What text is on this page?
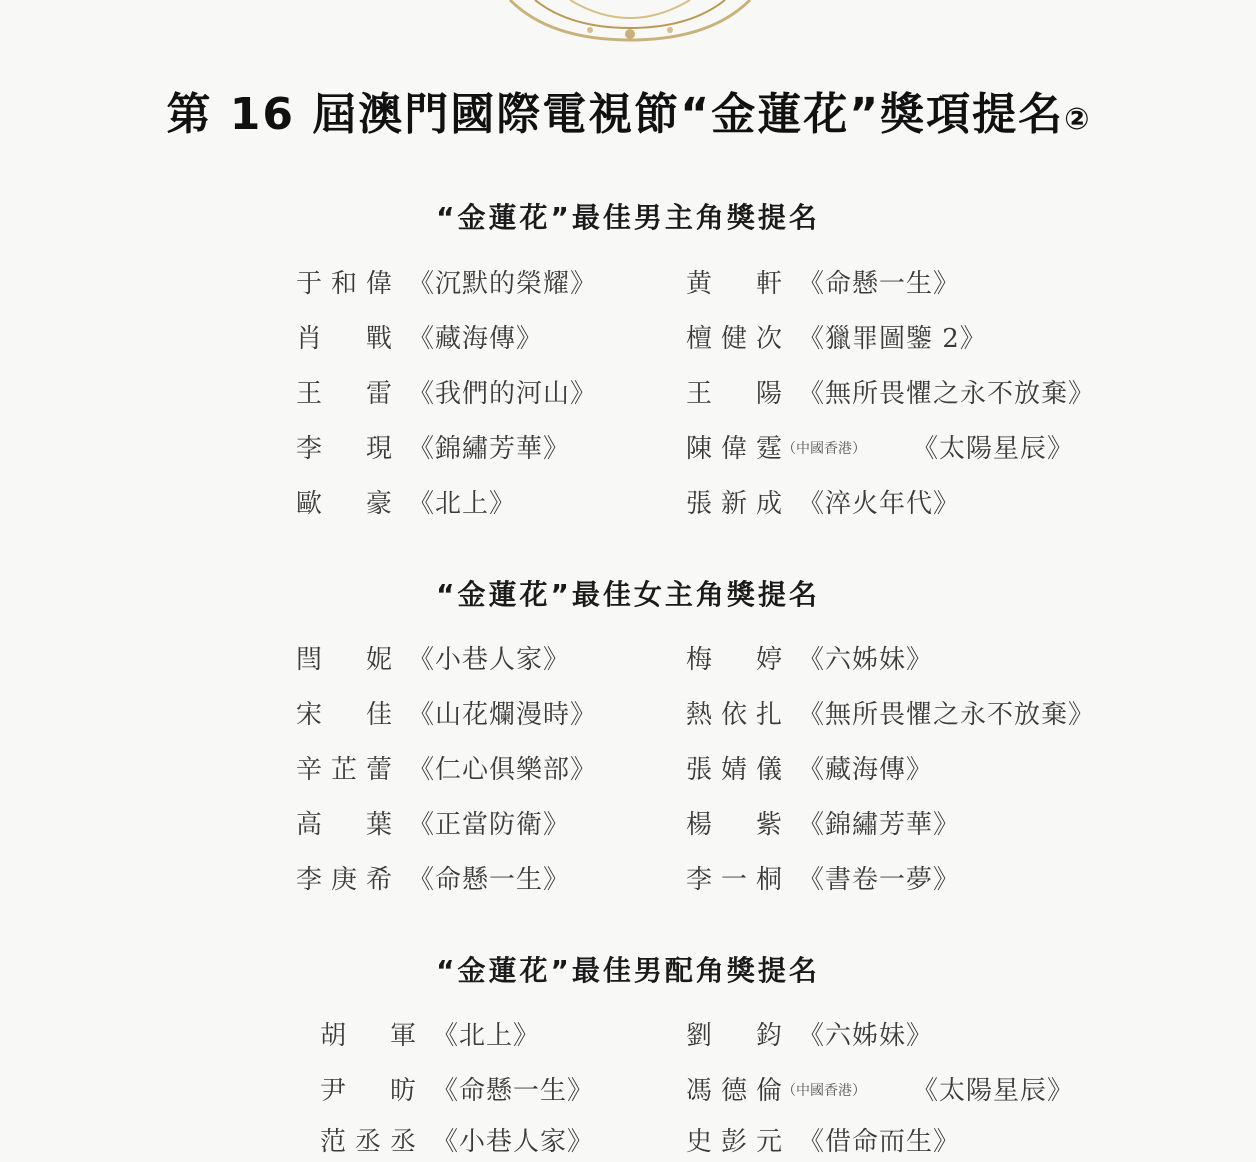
第 16 屆澳門國際電視節“金蓮花”獎項提名②
“金蓮花”最佳男主角獎提名
于和偉 《沉默的榮耀》
肖　戰 《藏海傳》
王　雷 《我們的河山》
李　現 《錦繡芳華》
歐　豪 《北上》
黄　軒 《命懸一生》
檀健次 《獵罪圖鑒 2》
王　陽 《無所畏懼之永不放棄》
陳偉霆 （中國香港） 《太陽星辰》
張新成 《淬火年代》
“金蓮花”最佳女主角獎提名
閆　妮 《小巷人家》
宋　佳 《山花爛漫時》
辛芷蕾 《仁心俱樂部》
高　葉 《正當防衛》
李庚希 《命懸一生》
梅　婷 《六姊妹》
熱依扎 《無所畏懼之永不放棄》
張婧儀 《藏海傳》
楊　紫 《錦繡芳華》
李一桐 《書卷一夢》
“金蓮花”最佳男配角獎提名
胡　軍 《北上》
尹　昉 《命懸一生》
范丞丞 《小巷人家》
劉　鈞 《六姊妹》
馮德倫 （中國香港） 《太陽星辰》
史彭元 《借命而生》
